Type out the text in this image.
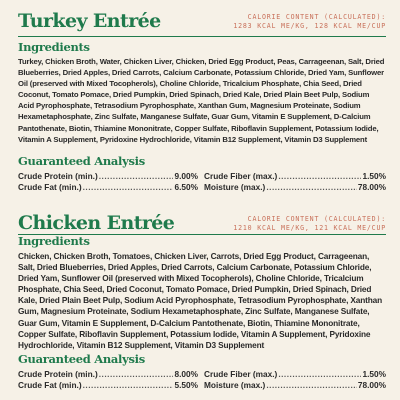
Turkey Entrée	CALORIE CONTENT (CALCULATED):
1283 KCAL ME/KG, 128 KCAL ME/CUP
Ingredients

Turkey, Chicken Broth, Water, Chicken Liver, Chicken, Dried Egg Product, Peas, Carrageenan, Salt, Dried Blueberries, Dried Apples, Dried Carrots, Calcium Carbonate, Potassium Chloride, Dried Yam, Sunflower Oil (preserved with Mixed Tocopherols), Choline Chloride, Tricalcium Phosphate, Chia Seed, Dried Coconut, Tomato Pomace, Dried Pumpkin, Dried Spinach, Dried Kale, Dried Plain Beet Pulp, Sodium Acid Pyrophosphate, Tetrasodium Pyrophosphate, Xanthan Gum, Magnesium Proteinate, Sodium Hexametaphosphate, Zinc Sulfate, Manganese Sulfate, Guar Gum, Vitamin E Supplement, D-Calcium Pantothenate, Biotin, Thiamine Mononitrate, Copper Sulfate, Riboflavin Supplement, Potassium Iodide, Vitamin A Supplement, Pyridoxine Hydrochloride, Vitamin B12 Supplement, Vitamin D3 Supplement

Guaranteed Analysis
Crude Protein (min.) .....	9.00% Crude Fiber (max.) .....	1.50%
Crude Fat (min.) .....	6.50% Moisture (max.) .....	78.00%
Chicken Entrée	CALORIE CONTENT (CALCULATED):
1210 KCAL ME/KG, 121 KCAL ME/CUP
Ingredients

Chicken, Chicken Broth, Tomatoes, Chicken Liver, Carrots, Dried Egg Product, Carrageenan, Salt, Dried Blueberries, Dried Apples, Dried Carrots, Calcium Carbonate, Potassium Chloride, Dried Yam, Sunflower Oil (preserved with Mixed Tocopherols), Choline Chloride, Tricalcium Phosphate, Chia Seed, Dried Coconut, Tomato Pomace, Dried Pumpkin, Dried Spinach, Dried Kale, Dried Plain Beet Pulp, Sodium Acid Pyrophosphate, Tetrasodium Pyrophosphate, Xanthan Gum, Magnesium Proteinate, Sodium Hexametaphosphate, Zinc Sulfate, Manganese Sulfate, Guar Gum, Vitamin E Supplement, D-Calcium Pantothenate, Biotin, Thiamine Mononitrate, Copper Sulfate, Riboflavin Supplement, Potassium Iodide, Vitamin A Supplement, Pyridoxine Hydrochloride, Vitamin B12 Supplement, Vitamin D3 Supplement

Guaranteed Analysis
Crude Protein (min.) .....	8.00% Crude Fiber (max.) .....	1.50%
Crude Fat (min.) .....	5.50% Moisture (max.) .....	78.00%
